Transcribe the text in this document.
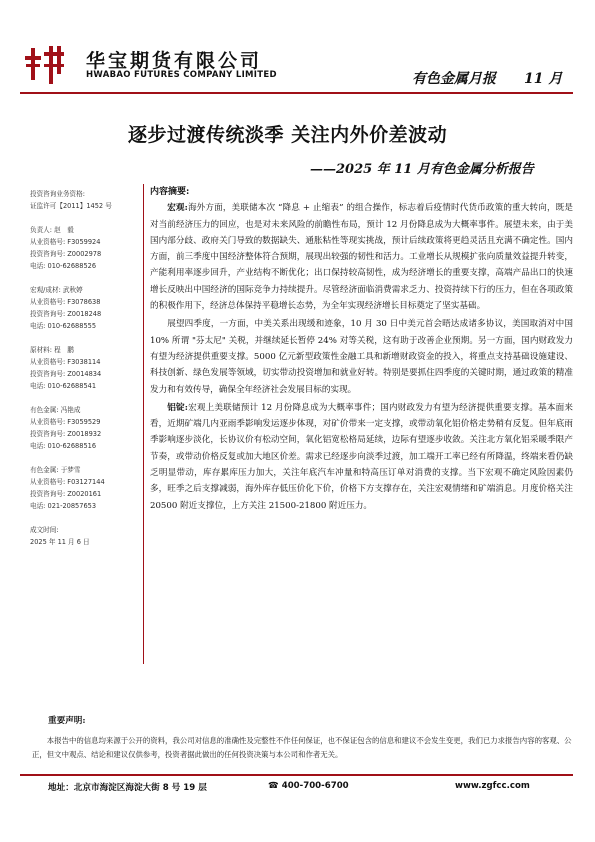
华宝期货有限公司
HWABAO FUTURES COMPANY LIMITED	有色金属月报 11 月
逐步过渡传统淡季 关注内外价差波动
——2025 年 11 月有色金属分析报告
投资咨询业务资格:
证监许可【2011】1452 号
负责人: 赵　毅
从业资格号: F3059924
投资咨询号: Z0002978
电话: 010-62688526
宏观/成材: 武秋婷
从业资格号: F3078638
投资咨询号: Z0018248
电话: 010-62688555
原材料: 程　鹏
从业资格号: F3038114
投资咨询号: Z0014834
电话: 010-62688541
有色金属: 冯艳成
从业资格号: F3059529
投资咨询号: Z0018932
电话: 010-62688516
有色金属: 于梦雪
从业资格号: F03127144
投资咨询号: Z0020161
电话: 021-20857653
成文时间:
2025 年 11 月 6 日
内容摘要:

宏观:海外方面，美联储本次 “降息 + 止缩表” 的组合操作，标志着后疫情时代货币政策的重大转向，既是对当前经济压力的回应，也是对未来风险的前瞻性布局，预计 12 月份降息成为大概率事件。展望未来，由于美国内部分歧、政府关门导致的数据缺失、通胀粘性等现实挑战，预计后续政策将更趋灵活且充满不确定性。国内方面，前三季度中国经济整体符合预期，展现出较强的韧性和活力。工业增长从规模扩张向质量效益提升转变，产能利用率逐步回升，产业结构不断优化；出口保持较高韧性，成为经济增长的重要支撑，高端产品出口的快速增长反映出中国经济的国际竞争力持续提升。尽管经济面临消费需求乏力、投资持续下行的压力，但在各项政策的积极作用下，经济总体保持平稳增长态势，为全年实现经济增长目标奠定了坚实基础。

展望四季度，一方面，中美关系出现缓和迹象，10 月 30 日中美元首会晤达成诸多协议，美国取消对中国 10% 所谓 "芬太尼" 关税，并继续延长暂停 24% 对等关税，这有助于改善企业预期。另一方面，国内财政发力有望为经济提供重要支撑。5000 亿元新型政策性金融工具和新增财政资金的投入，将重点支持基础设施建设、科技创新、绿色发展等领域，切实带动投资增加和就业好转。特别是要抓住四季度的关键时期，通过政策的精准发力和有效传导，确保全年经济社会发展目标的实现。

铝锭:宏观上美联储预计 12 月份降息成为大概率事件；国内财政发力有望为经济提供重要支撑。基本面来看，近期矿端几内亚雨季影响发运逐步体现，对矿价带来一定支撑，或带动氧化铝价格走势稍有反复。但年底雨季影响逐步淡化，长协议价有松动空间，氧化铝宽松格局延续，边际有望逐步收敛。关注北方氧化铝采暖季限产节奏，或带动价格反复或加大地区价差。需求已经逐步向淡季过渡，加工端开工率已经有所降温，终端来看仍缺乏明显带动，库存累库压力加大，关注年底汽车冲量和特高压订单对消费的支撑。当下宏观不确定风险因素仍多，旺季之后支撑减弱，海外库存低压价化下价，价格下方支撑存在，关注宏观情绪和矿端消息。月度价格关注 20500 附近支撑位，上方关注 21500-21800 附近压力。

重要声明:
本报告中的信息均来源于公开的资料，我公司对信息的准确性及完整性不作任何保证，也不保证包含的信息和建议不会发生变更，我们已力求报告内容的客观、公正，但文中观点、结论和建议仅供参考，投资者据此做出的任何投资决策与本公司和作者无关。
地址：北京市海淀区海淀大街 8 号 19 层	☎ 400-700-6700	www.zgfcc.com
